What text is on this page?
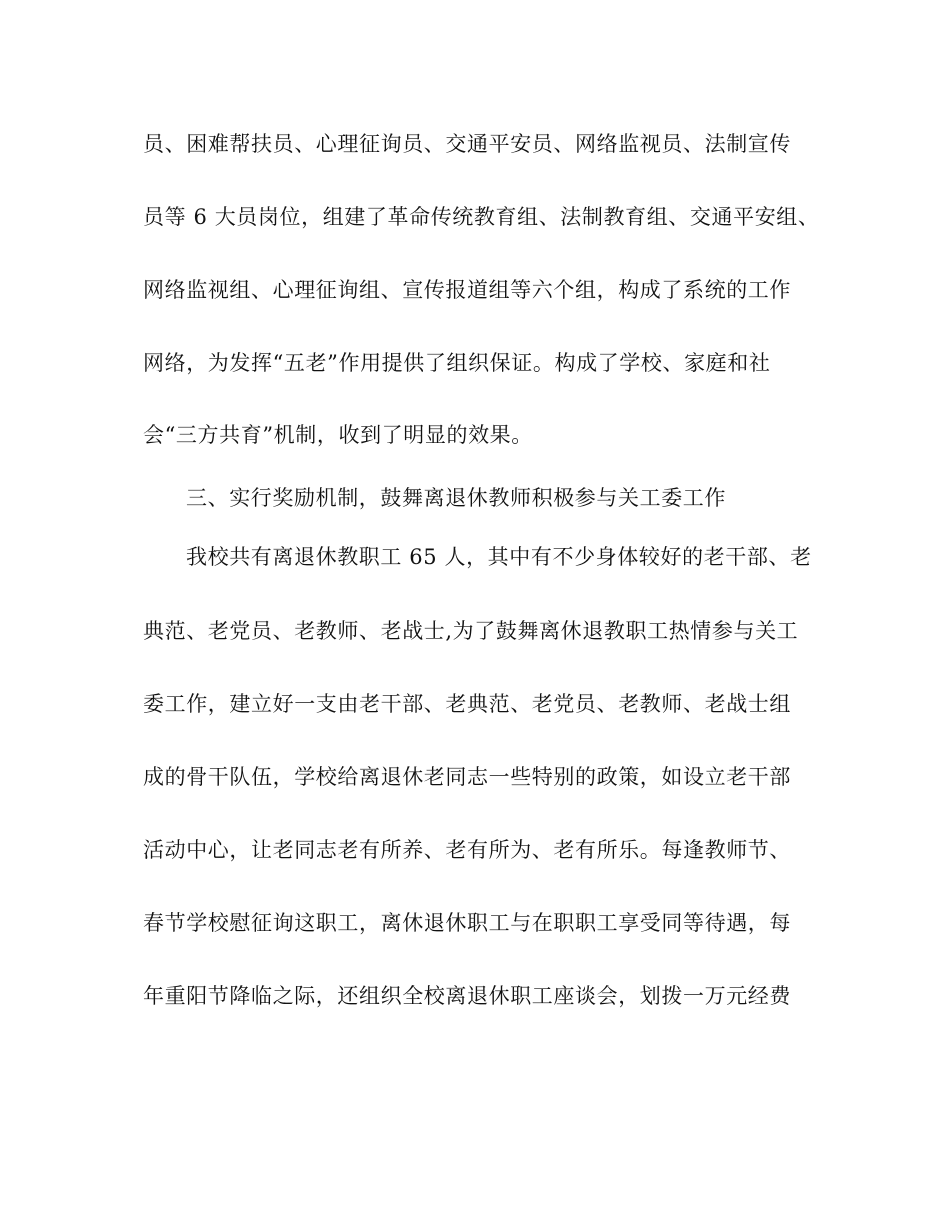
员、困难帮扶员、心理征询员、交通平安员、网络监视员、法制宣传
员等 6 大员岗位，组建了革命传统教育组、法制教育组、交通平安组、
网络监视组、心理征询组、宣传报道组等六个组，构成了系统的工作
网络，为发挥“五老”作用提供了组织保证。构成了学校、家庭和社
会“三方共育”机制，收到了明显的效果。
三、实行奖励机制，鼓舞离退休教师积极参与关工委工作
我校共有离退休教职工 65 人，其中有不少身体较好的老干部、老
典范、老党员、老教师、老战士,为了鼓舞离休退教职工热情参与关工
委工作，建立好一支由老干部、老典范、老党员、老教师、老战士组
成的骨干队伍，学校给离退休老同志一些特别的政策，如设立老干部
活动中心，让老同志老有所养、老有所为、老有所乐。每逢教师节、
春节学校慰征询这职工，离休退休职工与在职职工享受同等待遇，每
年重阳节降临之际，还组织全校离退休职工座谈会，划拨一万元经费
